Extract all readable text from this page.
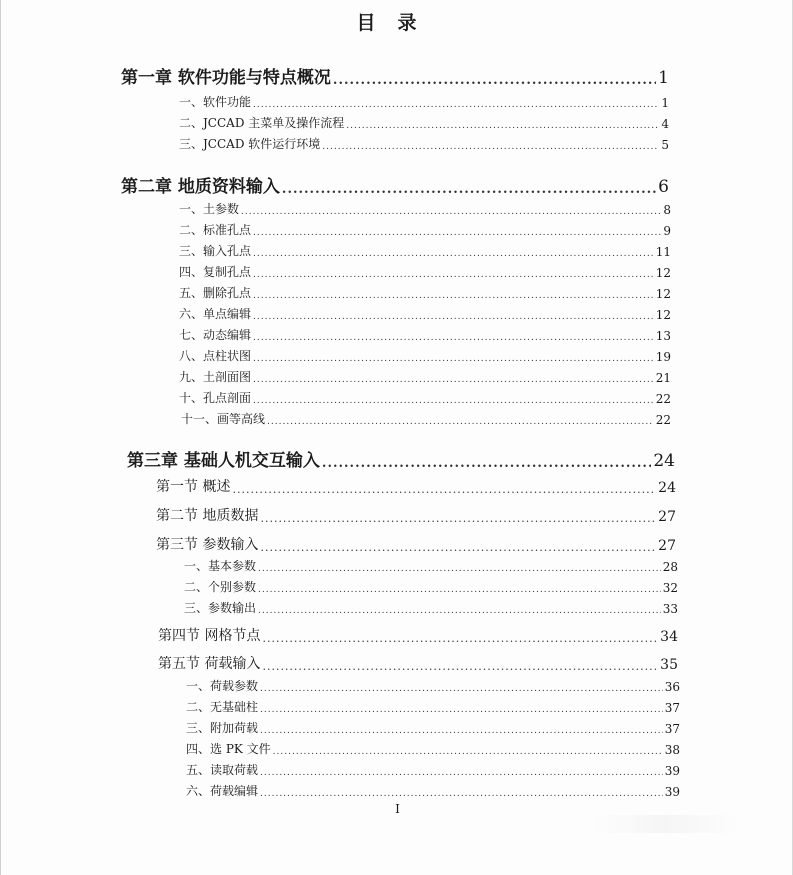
目录
第一章 软件功能与特点概况 .....	1
一、软件功能 .....	1
二、JCCAD 主菜单及操作流程 .....	4
三、JCCAD 软件运行环境 .....	5
第二章 地质资料输入 .....	6
一、土参数 .....	8
二、标准孔点 .....	9
三、输入孔点 .....	11
四、复制孔点 .....	12
五、删除孔点 .....	12
六、单点编辑 .....	12
七、动态编辑 .....	13
八、点柱状图 .....	19
九、土剖面图 .....	21
十、孔点剖面 .....	22
十一、画等高线 .....	22
第三章 基础人机交互输入 .....	24
第一节 概述 .....	24
第二节 地质数据 .....	27
第三节 参数输入 .....	27
一、基本参数 .....	28
二、个别参数 .....	32
三、参数输出 .....	33
第四节 网格节点 .....	34
第五节 荷载输入 .....	35
一、荷载参数 .....	36
二、无基础柱 .....	37
三、附加荷载 .....	37
四、选 PK 文件 .....	38
五、读取荷载 .....	39
六、荷载编辑 .....	39
I
